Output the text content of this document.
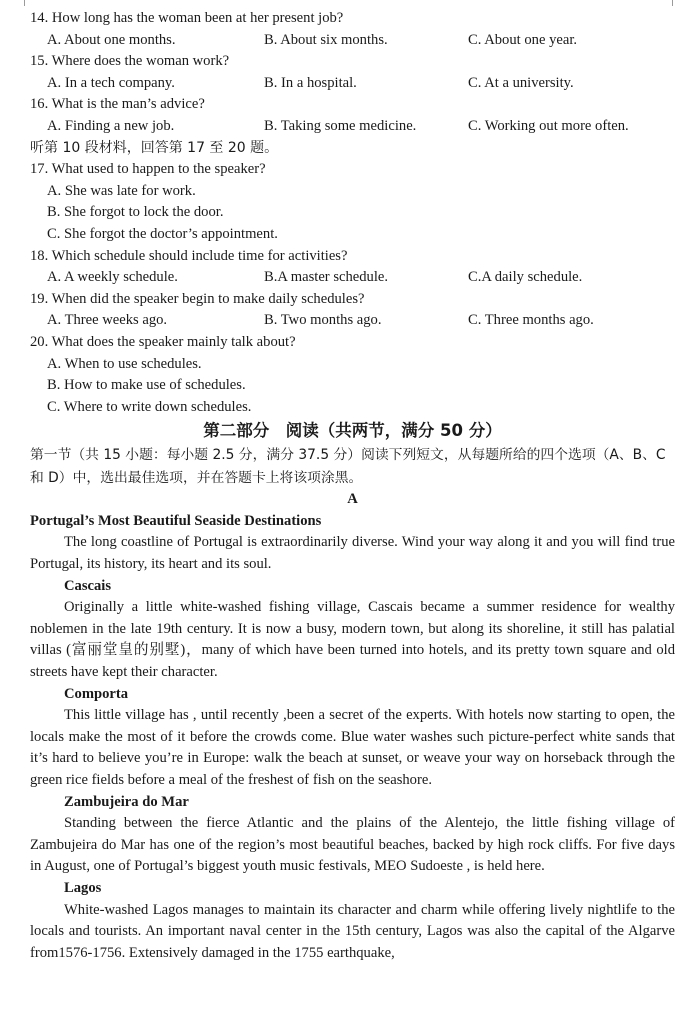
14. How long has the woman been at her present job?
A. About one months.	B. About six months.	C. About one year.
15. Where does the woman work?
A. In a tech company.	B. In a hospital.	C. At a university.
16. What is the man’s advice?
A. Finding a new job.	B. Taking some medicine.	C. Working out more often.
听第 10 段材料，回答第 17 至 20 题。
17. What used to happen to the speaker?
A. She was late for work.
B. She forgot to lock the door.
C. She forgot the doctor’s appointment.
18. Which schedule should include time for activities?
A. A weekly schedule.	B.A master schedule.	C.A daily schedule.
19. When did the speaker begin to make daily schedules?
A. Three weeks ago.	B. Two months ago.	C. Three months ago.
20. What does the speaker mainly talk about?
A. When to use schedules.
B. How to make use of schedules.
C. Where to write down schedules.
第二部分　阅读（共两节，满分 50 分）
第一节（共 15 小题：每小题 2.5 分，满分 37.5 分）阅读下列短文，从每题所给的四个选项（A、B、C 和 D）中，选出最佳选项，并在答题卡上将该项涂黑。
A
Portugal’s Most Beautiful Seaside Destinations

The long coastline of Portugal is extraordinarily diverse. Wind your way along it and you will find true Portugal, its history, its heart and its soul.

Cascais

Originally a little white-washed fishing village, Cascais became a summer residence for wealthy noblemen in the late 19th century. It is now a busy, modern town, but along its shoreline, it still has palatial villas (富丽堂皇的别墅)，many of which have been turned into hotels, and its pretty town square and old streets have kept their character.

Comporta

This little village has , until recently ,been a secret of the experts. With hotels now starting to open, the locals make the most of it before the crowds come. Blue water washes such picture-perfect white sands that it’s hard to believe you’re in Europe: walk the beach at sunset, or weave your way on horseback through the green rice fields before a meal of the freshest of fish on the seashore.

Zambujeira do Mar

Standing between the fierce Atlantic and the plains of the Alentejo, the little fishing village of Zambujeira do Mar has one of the region’s most beautiful beaches, backed by high rock cliffs. For five days in August, one of Portugal’s biggest youth music festivals, MEO Sudoeste , is held here.

Lagos

White-washed Lagos manages to maintain its character and charm while offering lively nightlife to the locals and tourists. An important naval center in the 15th century, Lagos was also the capital of the Algarve from1576-1756. Extensively damaged in the 1755 earthquake,
